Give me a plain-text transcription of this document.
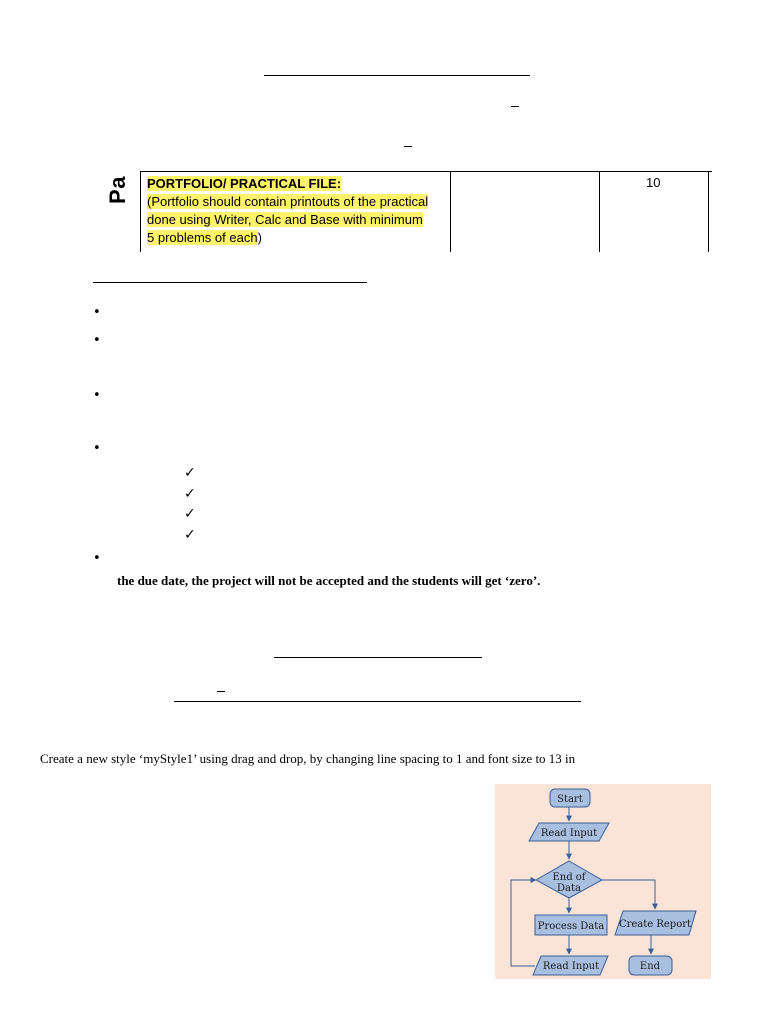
Pa PORTFOLIO/ PRACTICAL FILE:
(Portfolio should contain printouts of the practical
done using Writer, Calc and Base with minimum
5 problems of each)
10
•
•
•
•
✓
✓
✓
✓
•
the due date, the project will not be accepted and the students will get ‘zero’.
Create a new style ‘myStyle1’ using drag and drop, by changing line spacing to 1 and font size to 13 in
Start
Read Input
End of
Data
Process Data Create Report
Read Input	End
